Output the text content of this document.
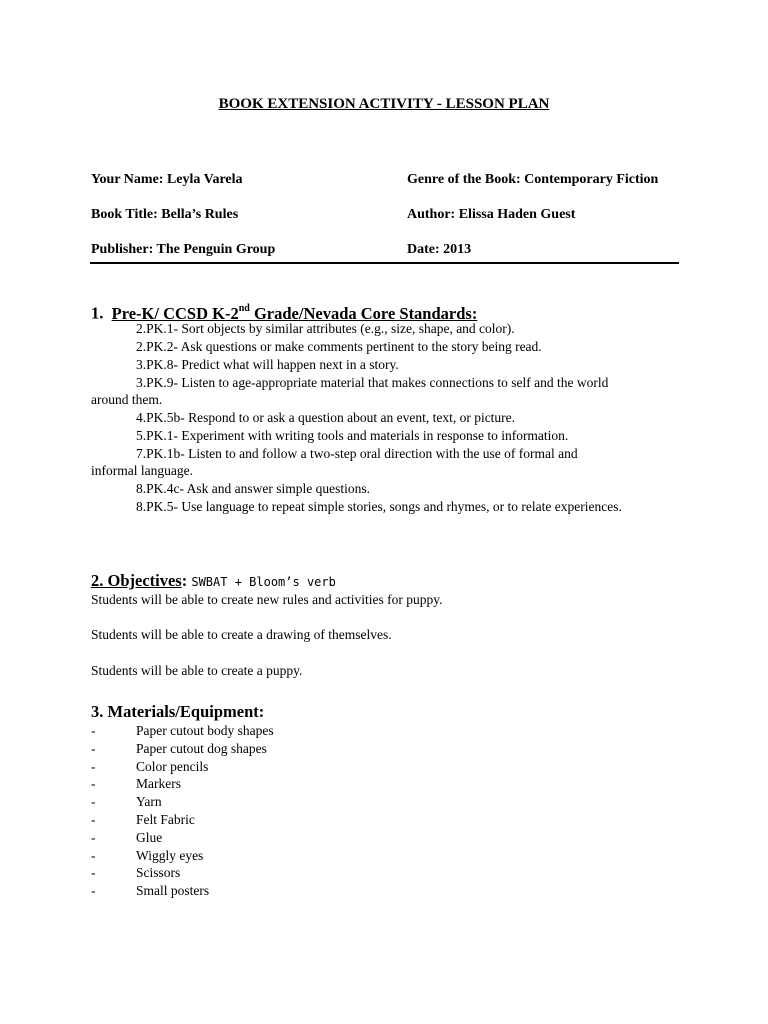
BOOK EXTENSION ACTIVITY - LESSON PLAN
Your Name: Leyla Varela	Genre of the Book: Contemporary Fiction
Book Title: Bella’s Rules	Author: Elissa Haden Guest
Publisher: The Penguin Group	Date: 2013
1. Pre-K/ CCSD K-2nd Grade/Nevada Core Standards:
2.PK.1- Sort objects by similar attributes (e.g., size, shape, and color).
2.PK.2- Ask questions or make comments pertinent to the story being read.
3.PK.8- Predict what will happen next in a story.
3.PK.9- Listen to age-appropriate material that makes connections to self and the world
around them.
4.PK.5b- Respond to or ask a question about an event, text, or picture.
5.PK.1- Experiment with writing tools and materials in response to information.
7.PK.1b- Listen to and follow a two-step oral direction with the use of formal and
informal language.
8.PK.4c- Ask and answer simple questions.
8.PK.5- Use language to repeat simple stories, songs and rhymes, or to relate experiences.
2. Objectives: SWBAT + Bloom’s verb
Students will be able to create new rules and activities for puppy.
Students will be able to create a drawing of themselves.
Students will be able to create a puppy.
3. Materials/Equipment:
-	Paper cutout body shapes
-	Paper cutout dog shapes
-	Color pencils
-	Markers
-	Yarn
-	Felt Fabric
-	Glue
-	Wiggly eyes
-	Scissors
-	Small posters
